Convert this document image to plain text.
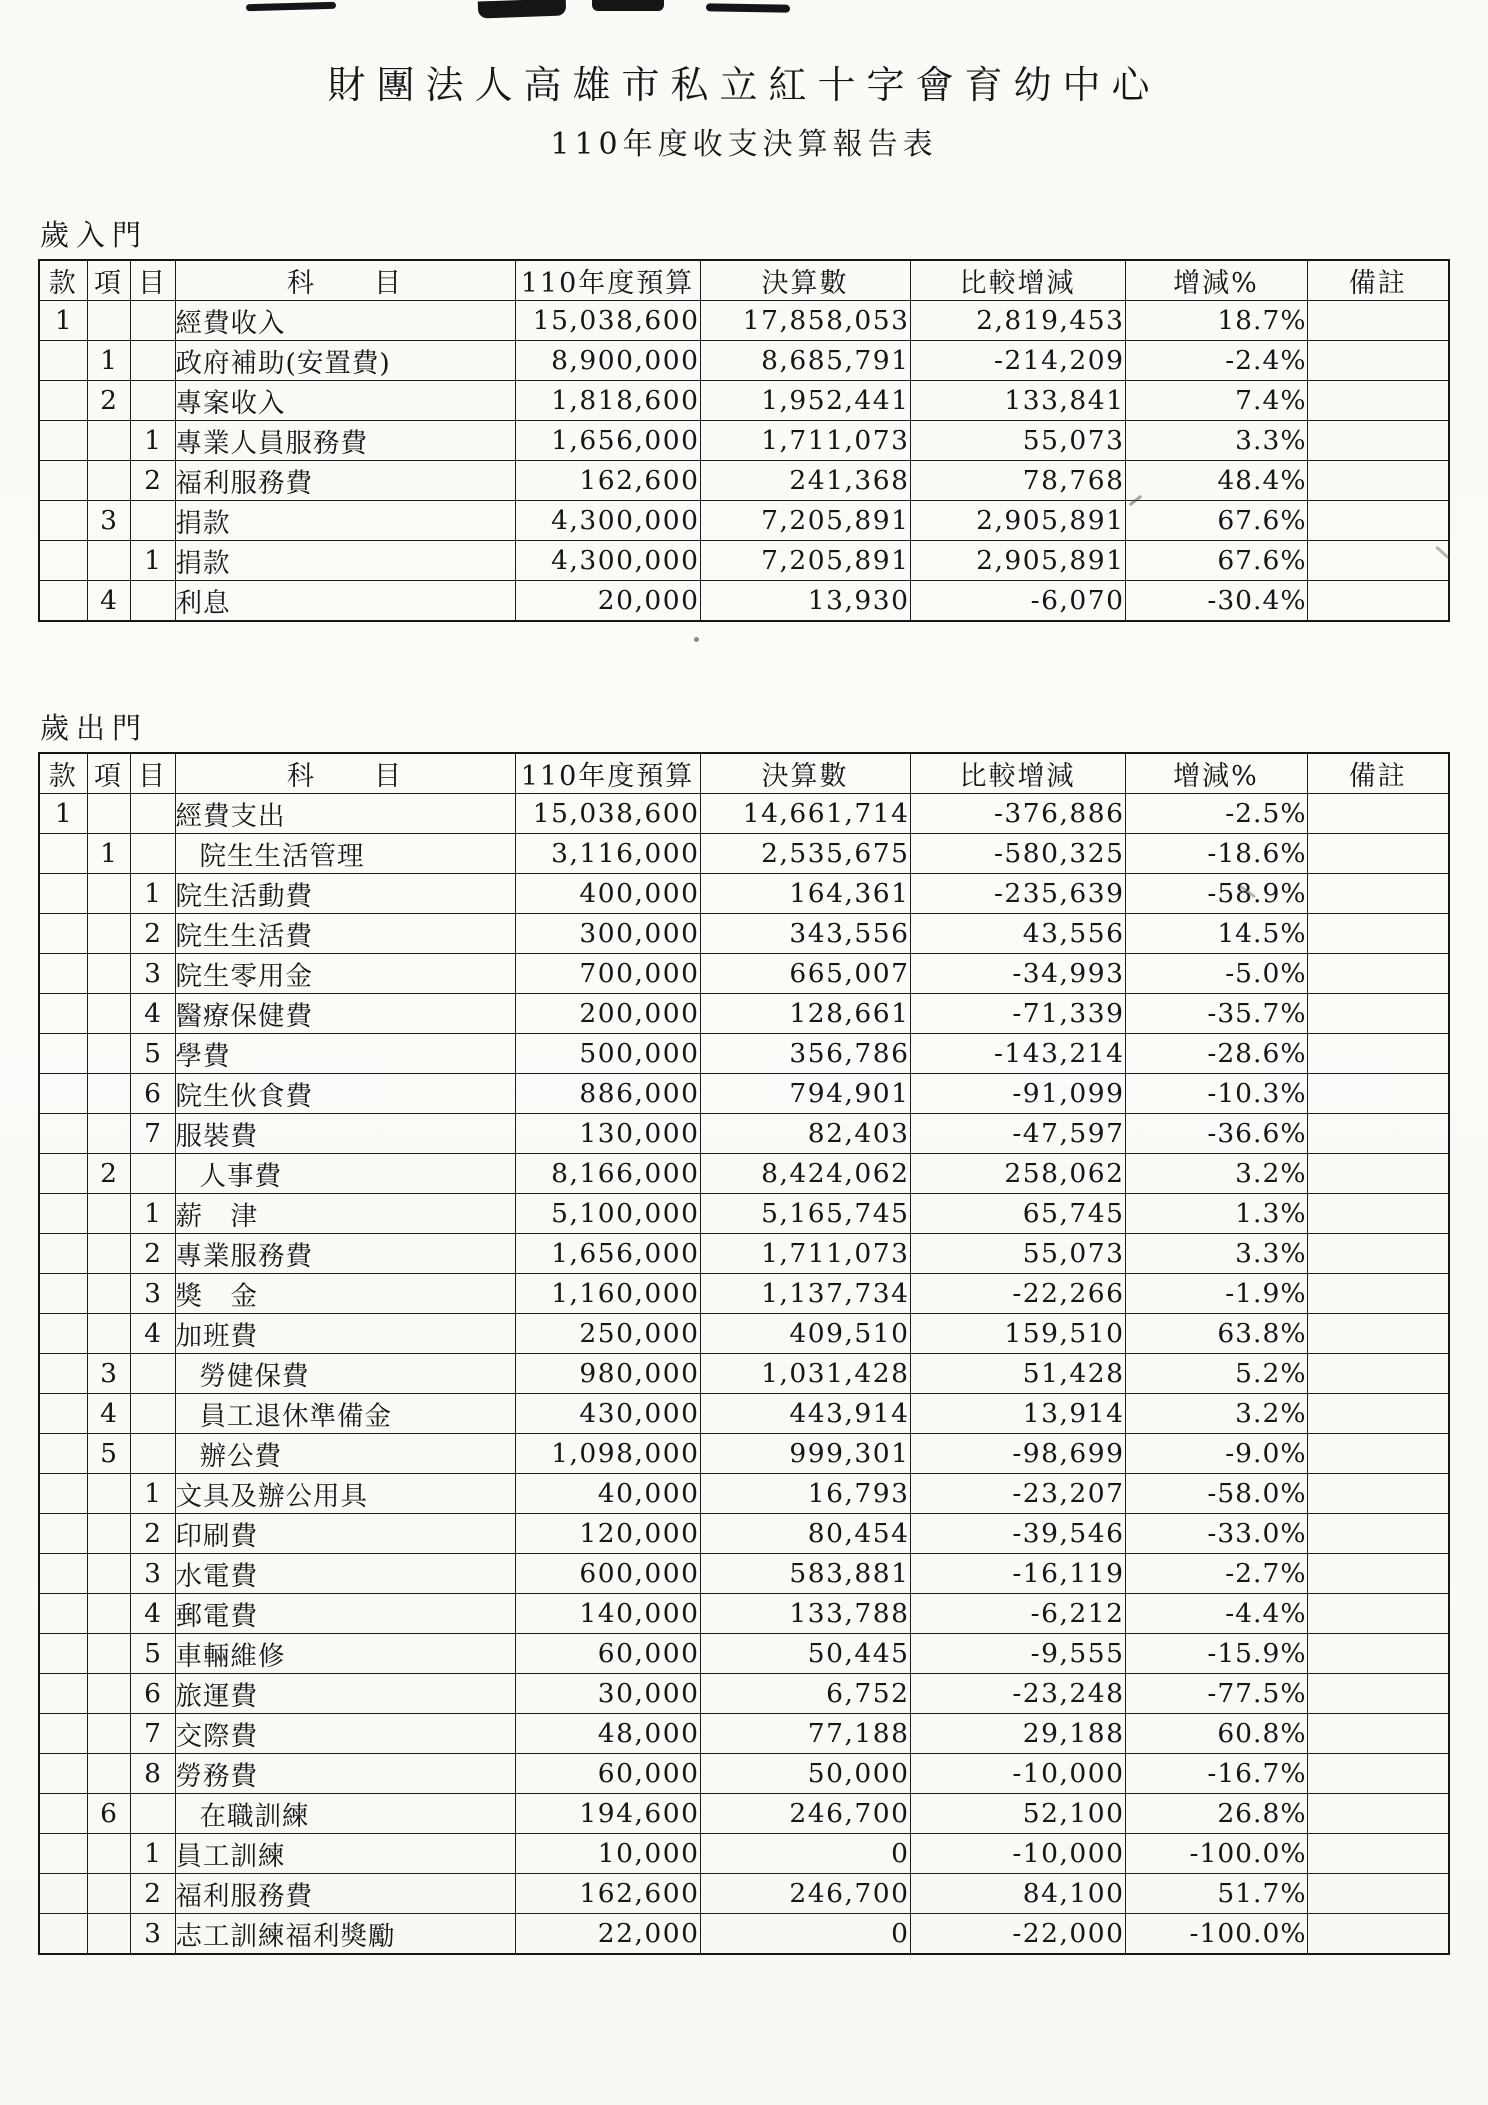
財團法人高雄市私立紅十字會育幼中心
110年度收支決算報告表
歲入門
款	項	目	科　　目	110年度預算	決算數	比較增減	增減%	備註
1			經費收入	15,038,600	17,858,053	2,819,453	18.7%	
	1		政府補助(安置費)	8,900,000	8,685,791	-214,209	-2.4%	
	2		專案收入	1,818,600	1,952,441	133,841	7.4%	
		1	專業人員服務費	1,656,000	1,711,073	55,073	3.3%	
		2	福利服務費	162,600	241,368	78,768	48.4%	
	3		捐款	4,300,000	7,205,891	2,905,891	67.6%	
		1	捐款	4,300,000	7,205,891	2,905,891	67.6%	
	4		利息	20,000	13,930	-6,070	-30.4%	
歲出門
款	項	目	科　　目	110年度預算	決算數	比較增減	增減%	備註
1			經費支出	15,038,600	14,661,714	-376,886	-2.5%	
	1		院生生活管理	3,116,000	2,535,675	-580,325	-18.6%	
		1	院生活動費	400,000	164,361	-235,639	-58.9%	
		2	院生生活費	300,000	343,556	43,556	14.5%	
		3	院生零用金	700,000	665,007	-34,993	-5.0%	
		4	醫療保健費	200,000	128,661	-71,339	-35.7%	
		5	學費	500,000	356,786	-143,214	-28.6%	
		6	院生伙食費	886,000	794,901	-91,099	-10.3%	
		7	服裝費	130,000	82,403	-47,597	-36.6%	
	2		人事費	8,166,000	8,424,062	258,062	3.2%	
		1	薪　津	5,100,000	5,165,745	65,745	1.3%	
		2	專業服務費	1,656,000	1,711,073	55,073	3.3%	
		3	獎　金	1,160,000	1,137,734	-22,266	-1.9%	
		4	加班費	250,000	409,510	159,510	63.8%	
	3		勞健保費	980,000	1,031,428	51,428	5.2%	
	4		員工退休準備金	430,000	443,914	13,914	3.2%	
	5		辦公費	1,098,000	999,301	-98,699	-9.0%	
		1	文具及辦公用具	40,000	16,793	-23,207	-58.0%	
		2	印刷費	120,000	80,454	-39,546	-33.0%	
		3	水電費	600,000	583,881	-16,119	-2.7%	
		4	郵電費	140,000	133,788	-6,212	-4.4%	
		5	車輛維修	60,000	50,445	-9,555	-15.9%	
		6	旅運費	30,000	6,752	-23,248	-77.5%	
		7	交際費	48,000	77,188	29,188	60.8%	
		8	勞務費	60,000	50,000	-10,000	-16.7%	
	6		在職訓練	194,600	246,700	52,100	26.8%	
		1	員工訓練	10,000	0	-10,000	-100.0%	
		2	福利服務費	162,600	246,700	84,100	51.7%	
		3	志工訓練福利獎勵	22,000	0	-22,000	-100.0%	
